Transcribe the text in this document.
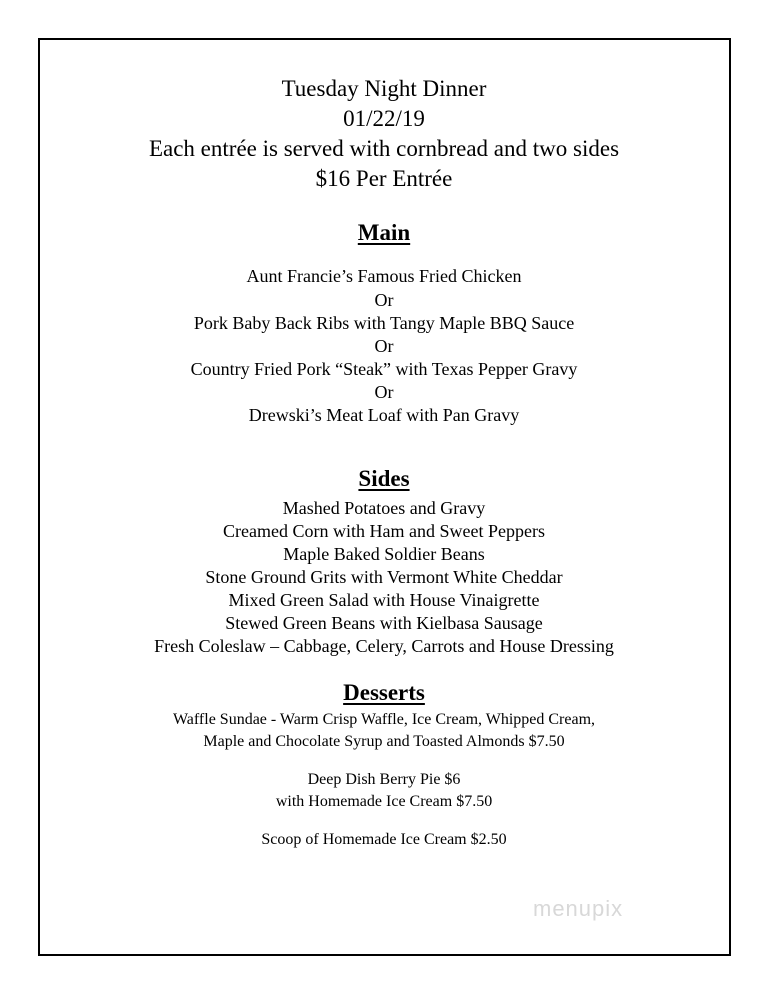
Tuesday Night Dinner
01/22/19
Each entrée is served with cornbread and two sides
$16 Per Entrée
Main
Aunt Francie’s Famous Fried Chicken
Or
Pork Baby Back Ribs with Tangy Maple BBQ Sauce
Or
Country Fried Pork “Steak” with Texas Pepper Gravy
Or
Drewski’s Meat Loaf with Pan Gravy
Sides
Mashed Potatoes and Gravy
Creamed Corn with Ham and Sweet Peppers
Maple Baked Soldier Beans
Stone Ground Grits with Vermont White Cheddar
Mixed Green Salad with House Vinaigrette
Stewed Green Beans with Kielbasa Sausage
Fresh Coleslaw – Cabbage, Celery, Carrots and House Dressing
Desserts
Waffle Sundae - Warm Crisp Waffle, Ice Cream, Whipped Cream,
Maple and Chocolate Syrup and Toasted Almonds $7.50
Deep Dish Berry Pie $6
with Homemade Ice Cream $7.50
Scoop of Homemade Ice Cream $2.50
menupix
